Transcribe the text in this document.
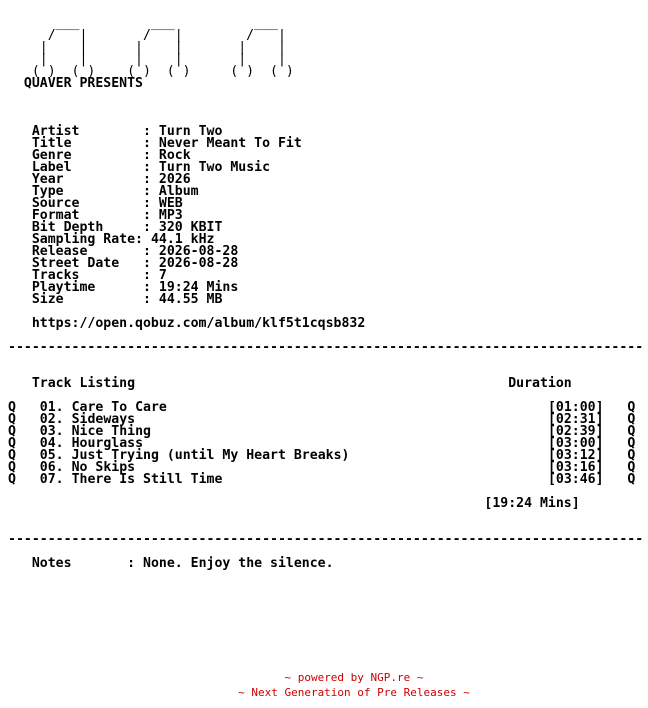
___         ___          ___
/   |       /   |        /   |
|    |      |    |       |    |
|    |      |    |       |    |
( )  ( )    ( )  ( )     ( )  ( )
QUAVER PRESENTS

Artist        : Turn Two
Title         : Never Meant To Fit
Genre         : Rock
Label         : Turn Two Music
Year          : 2026
Type          : Album
Source        : WEB
Format        : MP3
Bit Depth     : 320 KBIT
Sampling Rate: 44.1 kHz
Release       : 2026-08-28
Street Date   : 2026-08-28
Tracks        : 7
Playtime      : 19:24 Mins
Size          : 44.55 MB

https://open.qobuz.com/album/klf5t1cqsb832

--------------------------------------------------------------------------------

Track Listing	Duration

Q 01. Care To Care	[01:00] Q
Q 02. Sideways	[02:31] Q
Q 03. Nice Thing	[02:39] Q
Q 04. Hourglass	[03:00] Q
Q 05. Just Trying (until My Heart Breaks)	[03:12] Q
Q 06. No Skips	[03:16] Q
Q 07. There Is Still Time	[03:46] Q

[19:24 Mins]

--------------------------------------------------------------------------------

Notes       : None. Enjoy the silence.

~ powered by NGP.re ~

~ Next Generation of Pre Releases ~
